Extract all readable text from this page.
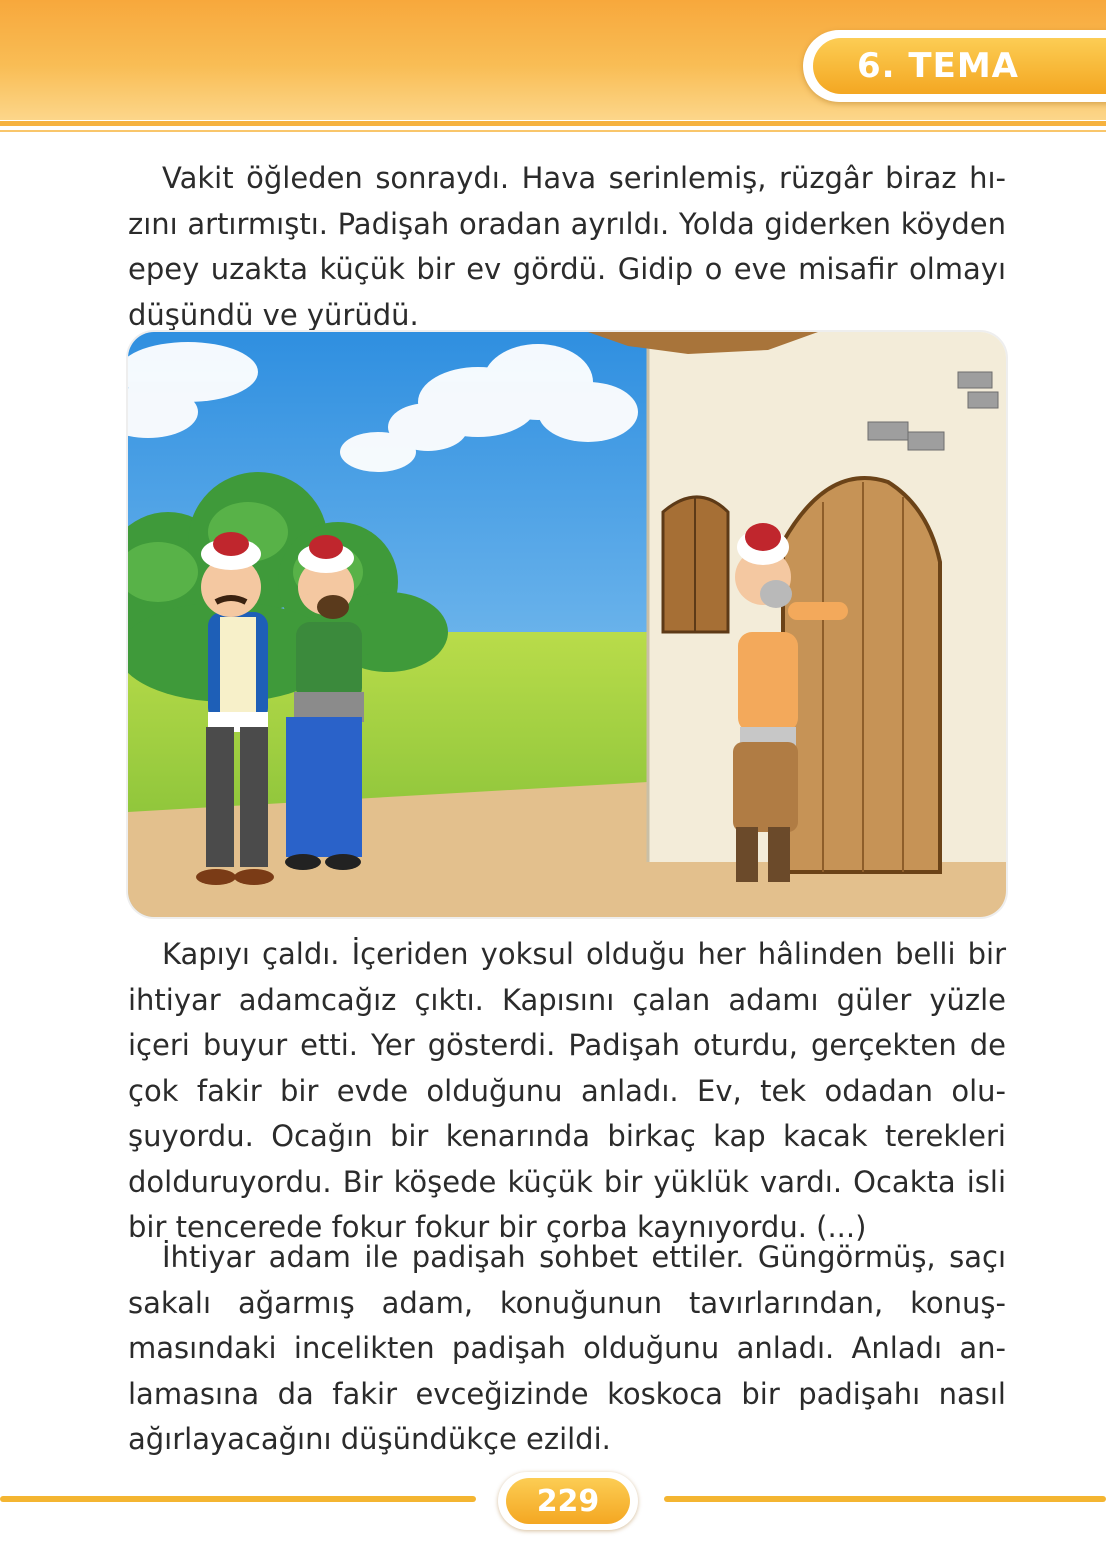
6. TEMA

Vakit öğleden sonraydı. Hava serinlemiş, rüzgâr biraz hızını artırmıştı. Padişah oradan ayrıldı. Yolda giderken köyden epey uzakta küçük bir ev gördü. Gidip o eve misafir olmayı düşündü ve yürüdü.

Kapıyı çaldı. İçeriden yoksul olduğu her hâlinden belli bir ihtiyar adamcağız çıktı. Kapısını çalan adamı güler yüzle içeri buyur etti. Yer gösterdi. Padişah oturdu, gerçekten de çok fakir bir evde olduğunu anladı. Ev, tek odadan oluşuyordu. Ocağın bir kenarında birkaç kap kacak terekleri dolduruyordu. Bir köşede küçük bir yüklük vardı. Ocakta isli bir tencerede fokur fokur bir çorba kaynıyordu. (...)

İhtiyar adam ile padişah sohbet ettiler. Güngörmüş, saçı sakalı ağarmış adam, konuğunun tavırlarından, konuşmasındaki incelikten padişah olduğunu anladı. Anladı anlamasına da fakir evceğizinde koskoca bir padişahı nasıl ağırlayacağını düşündükçe ezildi.

229
